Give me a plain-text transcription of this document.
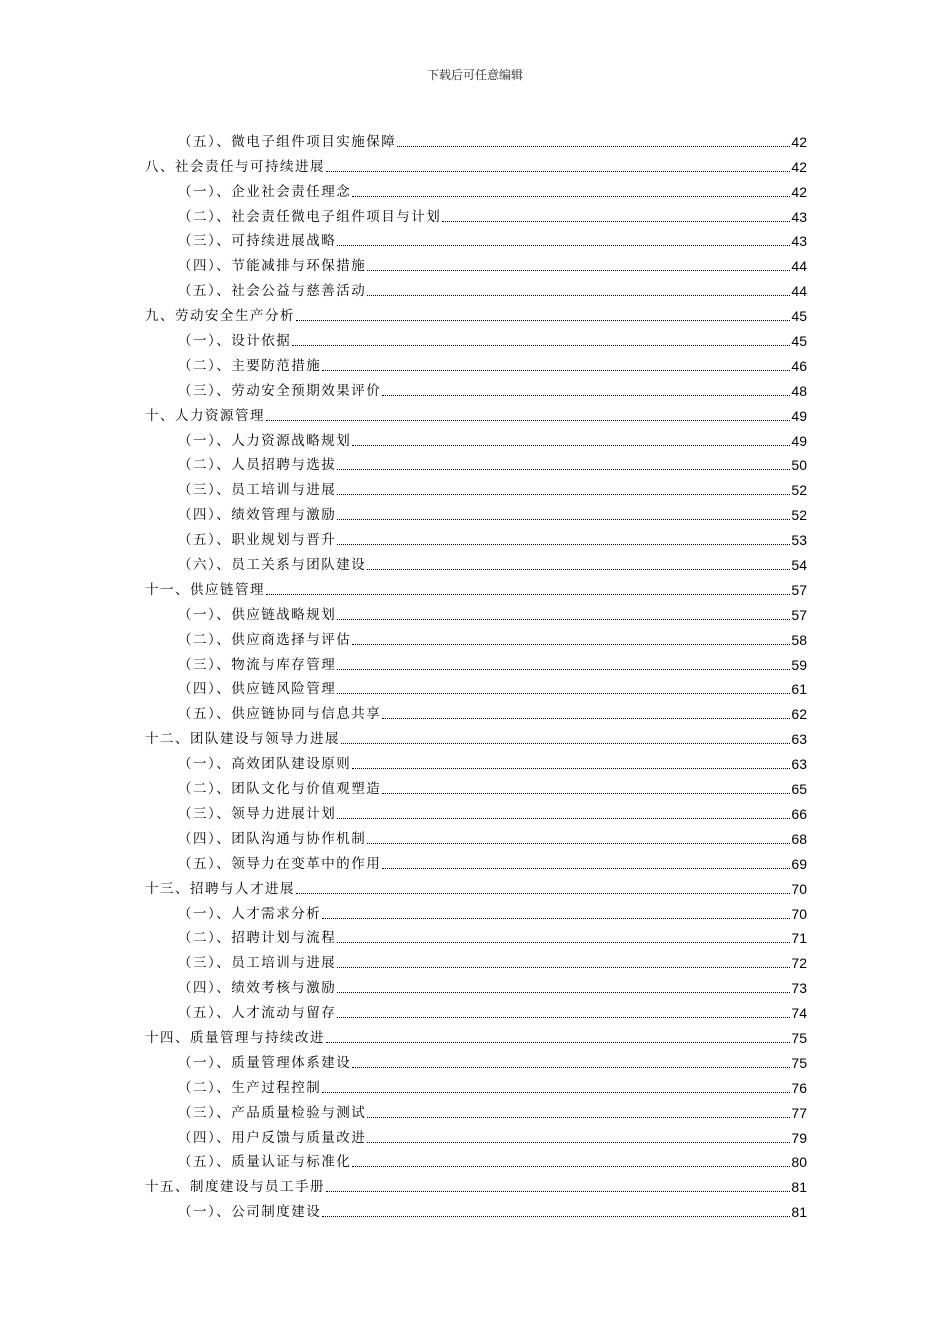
下载后可任意编辑
（五）、微电子组件项目实施保障	42
八、社会责任与可持续进展	42
（一）、企业社会责任理念	42
（二）、社会责任微电子组件项目与计划	43
（三）、可持续进展战略	43
（四）、节能减排与环保措施	44
（五）、社会公益与慈善活动	44
九、劳动安全生产分析	45
（一）、设计依据	45
（二）、主要防范措施	46
（三）、劳动安全预期效果评价	48
十、人力资源管理	49
（一）、人力资源战略规划	49
（二）、人员招聘与选拔	50
（三）、员工培训与进展	52
（四）、绩效管理与激励	52
（五）、职业规划与晋升	53
（六）、员工关系与团队建设	54
十一、供应链管理	57
（一）、供应链战略规划	57
（二）、供应商选择与评估	58
（三）、物流与库存管理	59
（四）、供应链风险管理	61
（五）、供应链协同与信息共享	62
十二、团队建设与领导力进展	63
（一）、高效团队建设原则	63
（二）、团队文化与价值观塑造	65
（三）、领导力进展计划	66
（四）、团队沟通与协作机制	68
（五）、领导力在变革中的作用	69
十三、招聘与人才进展	70
（一）、人才需求分析	70
（二）、招聘计划与流程	71
（三）、员工培训与进展	72
（四）、绩效考核与激励	73
（五）、人才流动与留存	74
十四、质量管理与持续改进	75
（一）、质量管理体系建设	75
（二）、生产过程控制	76
（三）、产品质量检验与测试	77
（四）、用户反馈与质量改进	79
（五）、质量认证与标准化	80
十五、制度建设与员工手册	81
（一）、公司制度建设	81
